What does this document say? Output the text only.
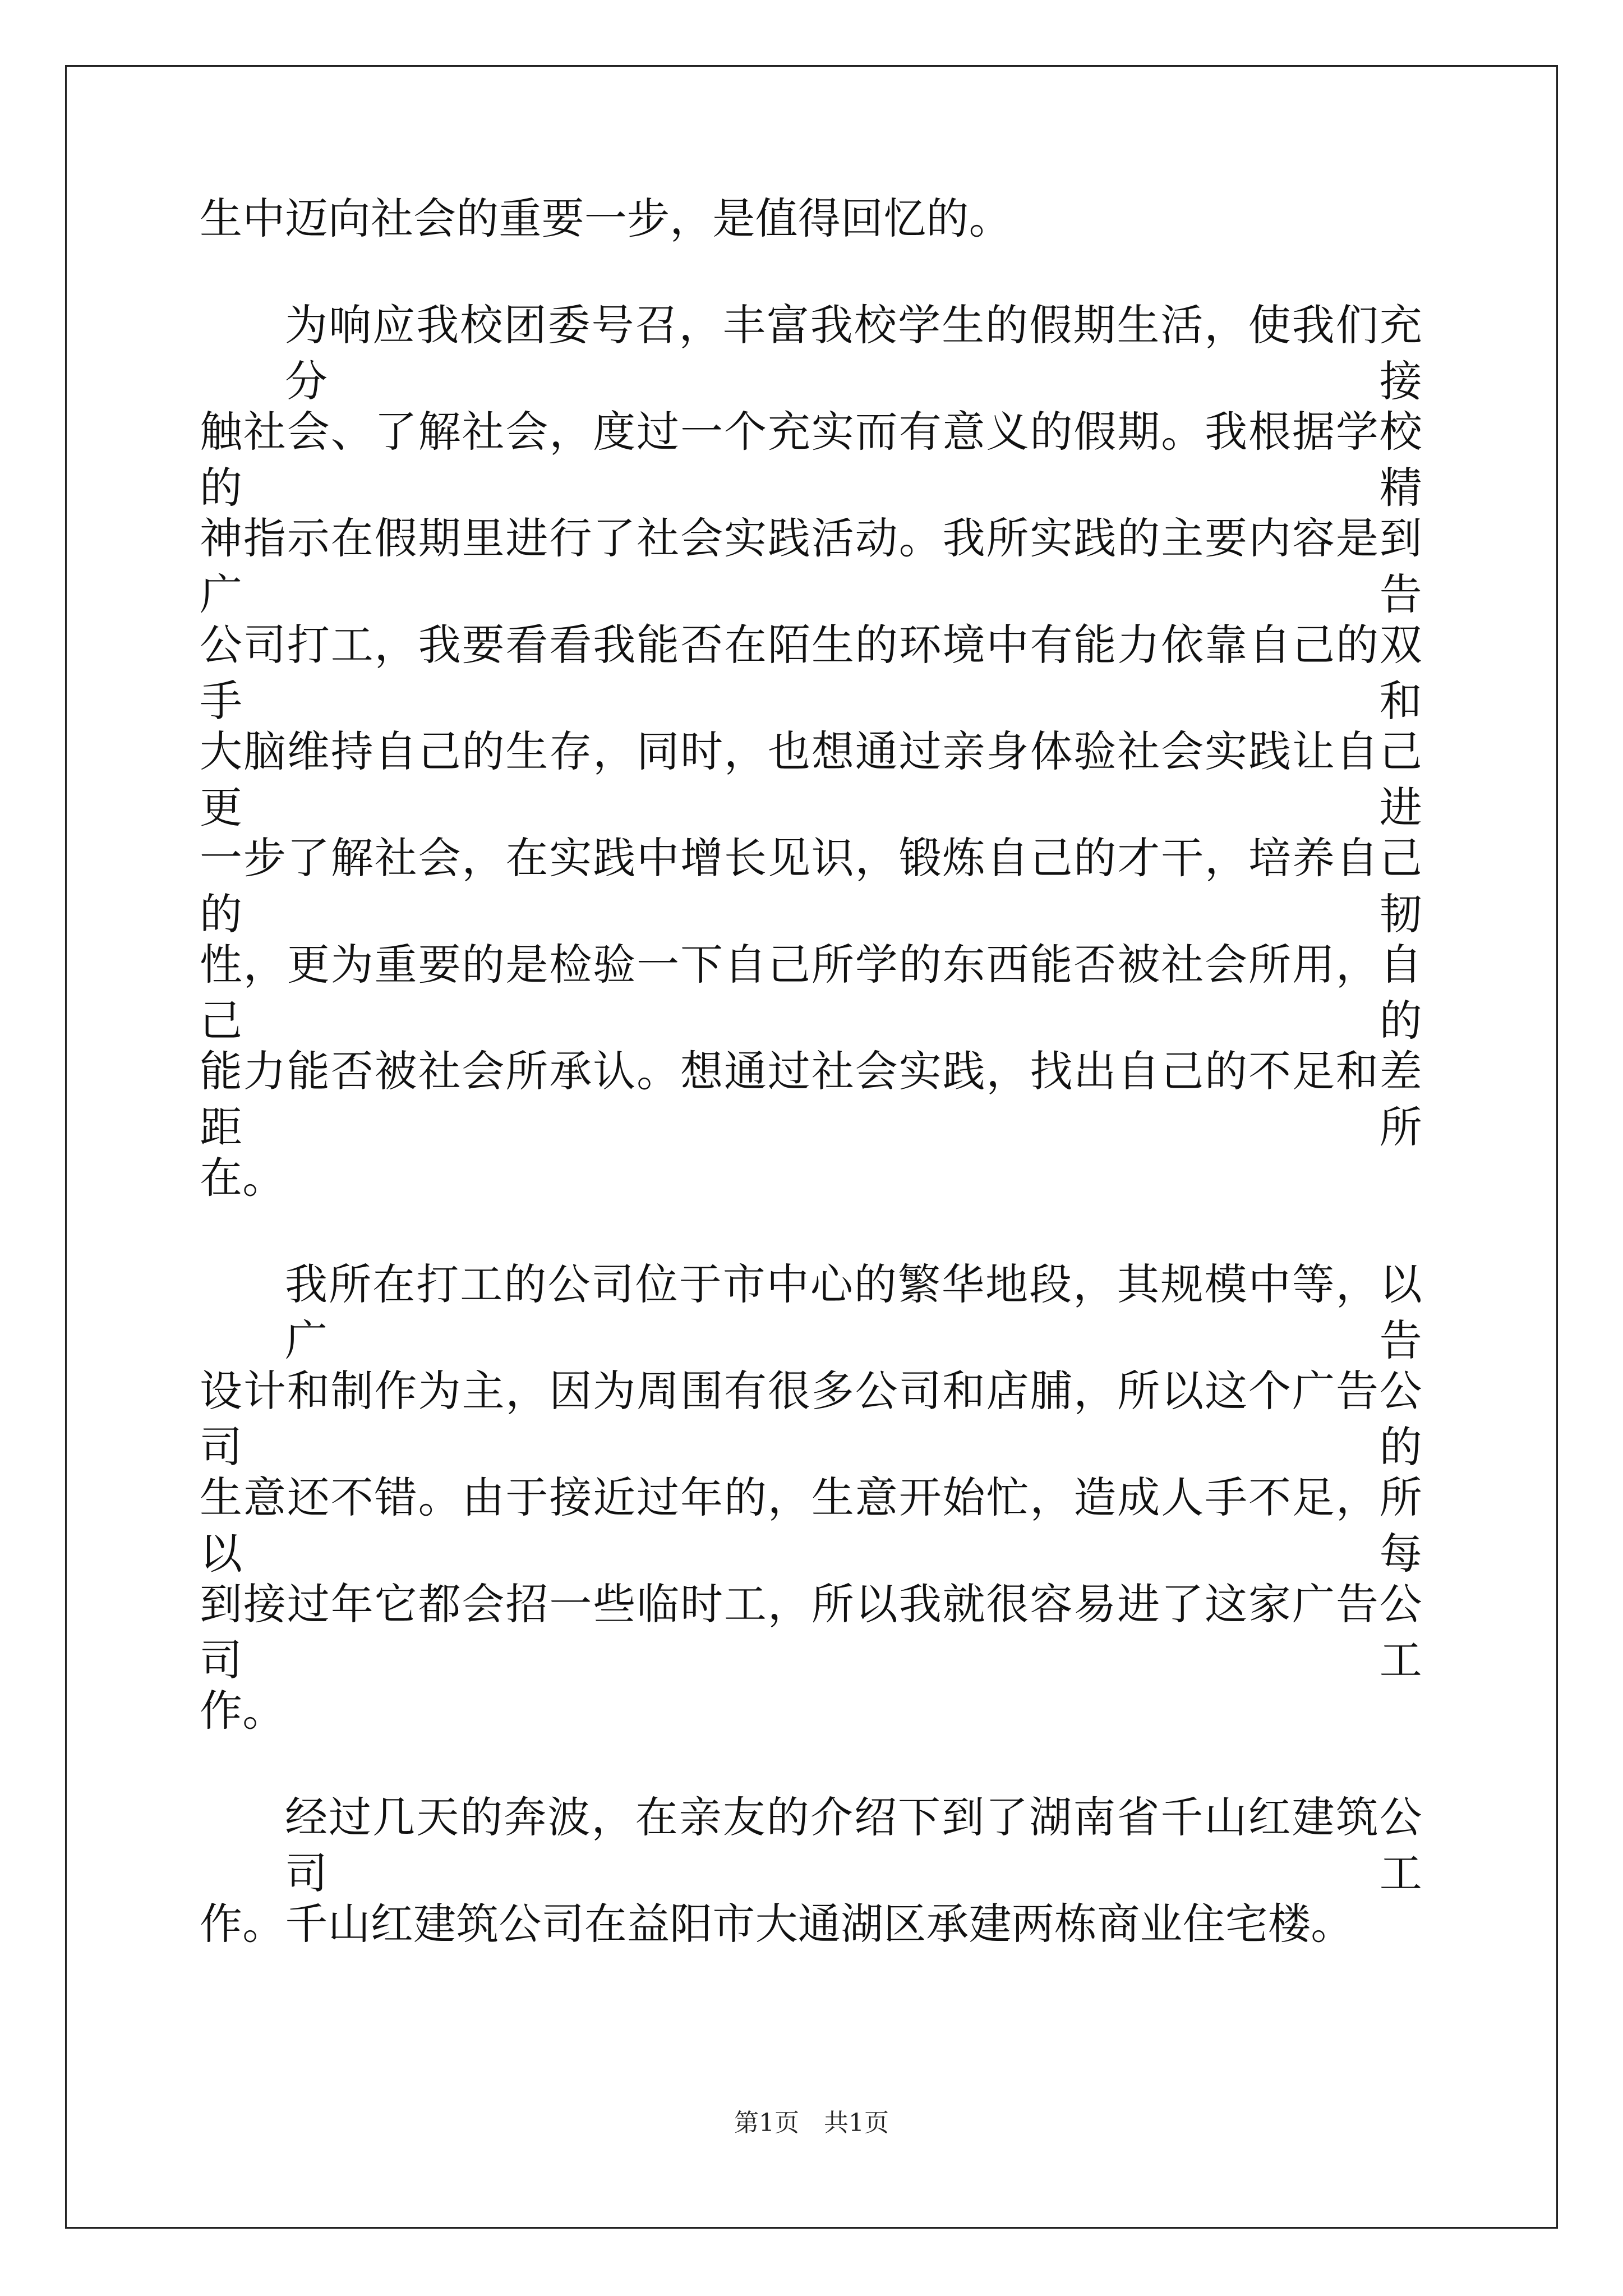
生中迈向社会的重要一步，是值得回忆的。

为响应我校团委号召，丰富我校学生的假期生活，使我们充分接

触社会、了解社会，度过一个充实而有意义的假期。我根据学校的精

神指示在假期里进行了社会实践活动。我所实践的主要内容是到广告

公司打工，我要看看我能否在陌生的环境中有能力依靠自己的双手和

大脑维持自己的生存，同时，也想通过亲身体验社会实践让自己更进

一步了解社会，在实践中增长见识，锻炼自己的才干，培养自己的韧

性，更为重要的是检验一下自己所学的东西能否被社会所用，自己的

能力能否被社会所承认。想通过社会实践，找出自己的不足和差距所

在。

我所在打工的公司位于市中心的繁华地段，其规模中等，以广告

设计和制作为主，因为周围有很多公司和店脯，所以这个广告公司的

生意还不错。由于接近过年的，生意开始忙，造成人手不足，所以每

到接过年它都会招一些临时工，所以我就很容易进了这家广告公司工

作。

经过几天的奔波，在亲友的介绍下到了湖南省千山红建筑公司工

作。千山红建筑公司在益阳市大通湖区承建两栋商业住宅楼。

第1页　共1页
